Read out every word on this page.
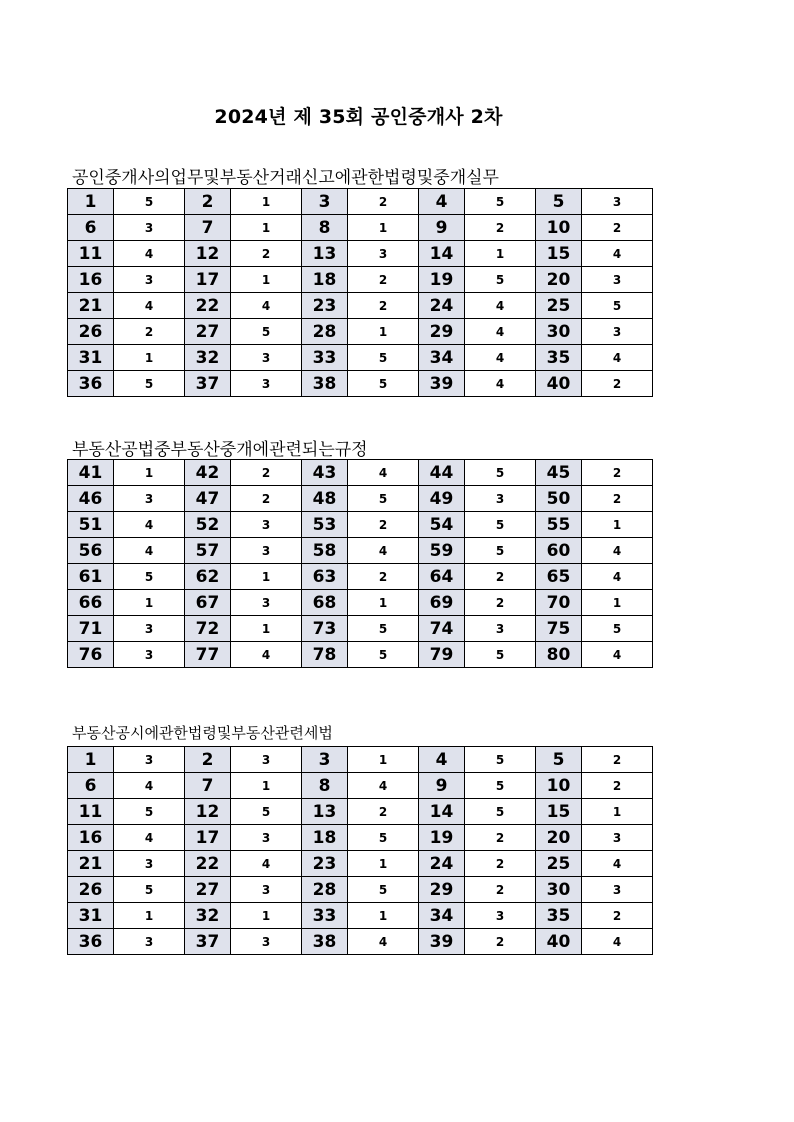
2024년 제 35회 공인중개사 2차
공인중개사의업무및부동산거래신고에관한법령및중개실무
1	5	2	1	3	2	4	5	5	3
6	3	7	1	8	1	9	2	10	2
11	4	12	2	13	3	14	1	15	4
16	3	17	1	18	2	19	5	20	3
21	4	22	4	23	2	24	4	25	5
26	2	27	5	28	1	29	4	30	3
31	1	32	3	33	5	34	4	35	4
36	5	37	3	38	5	39	4	40	2
부동산공법중부동산중개에관련되는규정
41	1	42	2	43	4	44	5	45	2
46	3	47	2	48	5	49	3	50	2
51	4	52	3	53	2	54	5	55	1
56	4	57	3	58	4	59	5	60	4
61	5	62	1	63	2	64	2	65	4
66	1	67	3	68	1	69	2	70	1
71	3	72	1	73	5	74	3	75	5
76	3	77	4	78	5	79	5	80	4
부동산공시에관한법령및부동산관련세법
1	3	2	3	3	1	4	5	5	2
6	4	7	1	8	4	9	5	10	2
11	5	12	5	13	2	14	5	15	1
16	4	17	3	18	5	19	2	20	3
21	3	22	4	23	1	24	2	25	4
26	5	27	3	28	5	29	2	30	3
31	1	32	1	33	1	34	3	35	2
36	3	37	3	38	4	39	2	40	4
